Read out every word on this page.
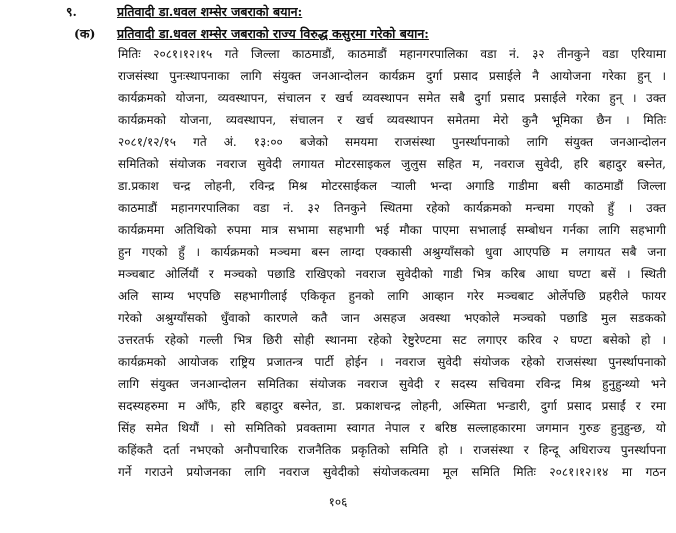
९.	प्रतिवादी डा.धवल शम्सेर जबराको बयान:
(क) प्रतिवादी डा.धवल शम्सेर जबराको राज्य विरुद्ध कसुरमा गरेको बयान:
मितिः २०८१।१२।१५ गते जिल्ला काठमाडौं, काठमाडौं महानगरपालिका वडा नं. ३२ तीनकुने वडा एरियामा
राजसंस्था पुनःस्थापनाका लागि संयुक्त जनआन्दोलन कार्यक्रम दुर्गा प्रसाद प्रसाईले नै आयोजना गरेका हुन् ।
कार्यक्रमको योजना, व्यवस्थापन, संचालन र खर्च व्यवस्थापन समेत सबै दुर्गा प्रसाद प्रसाईले गरेका हुन् । उक्त
कार्यक्रमको योजना, व्यवस्थापन, संचालन र खर्च व्यवस्थापन समेतमा मेरो कुनै भूमिका छैन । मितिः
२०८१/१२/१५ गते अं. १३:०० बजेको समयमा राजसंस्था पुनर्स्थापनाको लागि संयुक्त जनआन्दोलन
समितिको संयोजक नवराज सुवेदी लगायत मोटरसाइकल जुलुस सहित म, नवराज सुवेदी, हरि बहादुर बस्नेत,
डा.प्रकाश चन्द्र लोहनी, रविन्द्र मिश्र मोटरसाईकल र्‍याली भन्दा अगाडि गाडीमा बसी काठमाडौं जिल्ला
काठमाडौं महानगरपालिका वडा नं. ३२ तिनकुने स्थितमा रहेको कार्यक्रमको मन्चमा गएको हुँ । उक्त
कार्यक्रममा अतिथिको रुपमा मात्र सभामा सहभागी भई मौका पाएमा सभालाई सम्बोधन गर्नका लागि सहभागी
हुन गएको हुँ । कार्यक्रमको मञ्चमा बस्न लाग्दा एक्कासी अश्रुग्याँसको धुवा आएपछि म लगायत सबै जना
मञ्चबाट ओर्लियौं र मञ्चको पछाडि राखिएको नवराज सुवेदीको गाडी भित्र करिब आधा घण्टा बसें । स्थिती
अलि साम्य भएपछि सहभागीलाई एकिकृत हुनको लागि आव्हान गरेर मञ्चबाट ओर्लेपछि प्रहरीले फायर
गरेको अश्रुग्याँसको धुँवाको कारणले कतै जान असहज अवस्था भएकोले मञ्चको पछाडि मुल सडकको
उत्तरतर्फ रहेको गल्ली भित्र छिरी सोही स्थानमा रहेको रेष्टुरेण्टमा सट लगाएर करिव २ घण्टा बसेको हो ।
कार्यक्रमको आयोजक राष्ट्रिय प्रजातन्त्र पार्टी होईन । नवराज सुवेदी संयोजक रहेको राजसंस्था पुनर्स्थापनाको
लागि संयुक्त जनआन्दोलन समितिका संयोजक नवराज सुवेदी र सदस्य सचिवमा रविन्द्र मिश्र हुनुहुन्थ्यो भने
सदस्यहरुमा म आँफै, हरि बहादुर बस्नेत, डा. प्रकाशचन्द्र लोहनी, अस्मिता भन्डारी, दुर्गा प्रसाद प्रसाईं र रमा
सिंह समेत थियौं । सो समितिको प्रवक्तामा स्वागत नेपाल र बरिष्ठ सल्लाहकारमा जगमान गुरुङ हुनुहुन्छ, यो
कहिंकतै दर्ता नभएको अनौपचारिक राजनैतिक प्रकृतिको समिति हो । राजसंस्था र हिन्दू अधिराज्य पुनर्स्थापना
गर्ने गराउने प्रयोजनका लागि नवराज सुवेदीको संयोजकत्वमा मूल समिति मितिः २०८१।१२।१४ मा गठन
१०६
